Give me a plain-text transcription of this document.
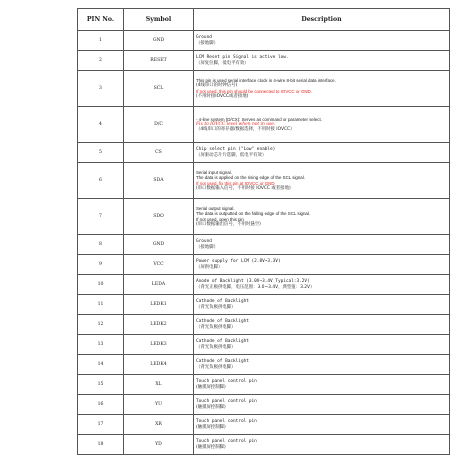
PIN No.	Symbol	Description
1	GND	Ground
（接地脚）

2	RESET	LCM Reset pin Signal is active low.
（屏复位脚，低电平有效）

3	SCL	This pin is used serial interface clock in 4-wire 8-bit serial data interface.
(4线串口的时钟信号)
If not used, this pin should be connected to IOVCC or GND.
(不用时接IOVCC或者接地)

4	D/C	- 4-line system (D/CX): Serves as command or parameter select.
Fix to IOVCC level when not in use.
（4线串口的寄存器/数据选择，不用时接 IOVCC）

5	CS	Chip select pin ("Low" enable)
（屏驱动芯片片选脚，低电平有效）

6	SDA	Serial input signal.
The data is applied on the rising edge of the SCL signal.
If not used, fix this pin at IOVCC or GND
(串口数据输入信号，不用时接 IOVCC 或者接地)

7	SDO	Serial output signal.
The data is outputted on the falling edge of the SCL signal.
If not used, open this pin
(串口数据输出信号，不用时悬空)

8	GND	Ground
（接地脚）

9	VCC	Power supply for LCM (2.8V~3.3V)
（屏供电脚）

10	LEDA	Anode of Backlight (3.0V~3.4V Typical:3.2V)
（背光正极供电脚，电压范围：3.0~3.4V，典型值：3.2V）

11	LEDK1	Cathode of Backlight
（背光负极供电脚）

12	LEDK2	Cathode of Backlight
（背光负极供电脚）

13	LEDK3	Cathode of Backlight
（背光负极供电脚）

14	LEDK4	Cathode of Backlight
（背光负极供电脚）

15	XL	Touch panel control pin
(触摸屏控制脚)

16	YU	Touch panel control pin
(触摸屏控制脚)

17	XR	Touch panel control pin
(触摸屏控制脚)

18	YD	Touch panel control pin
(触摸屏控制脚)
